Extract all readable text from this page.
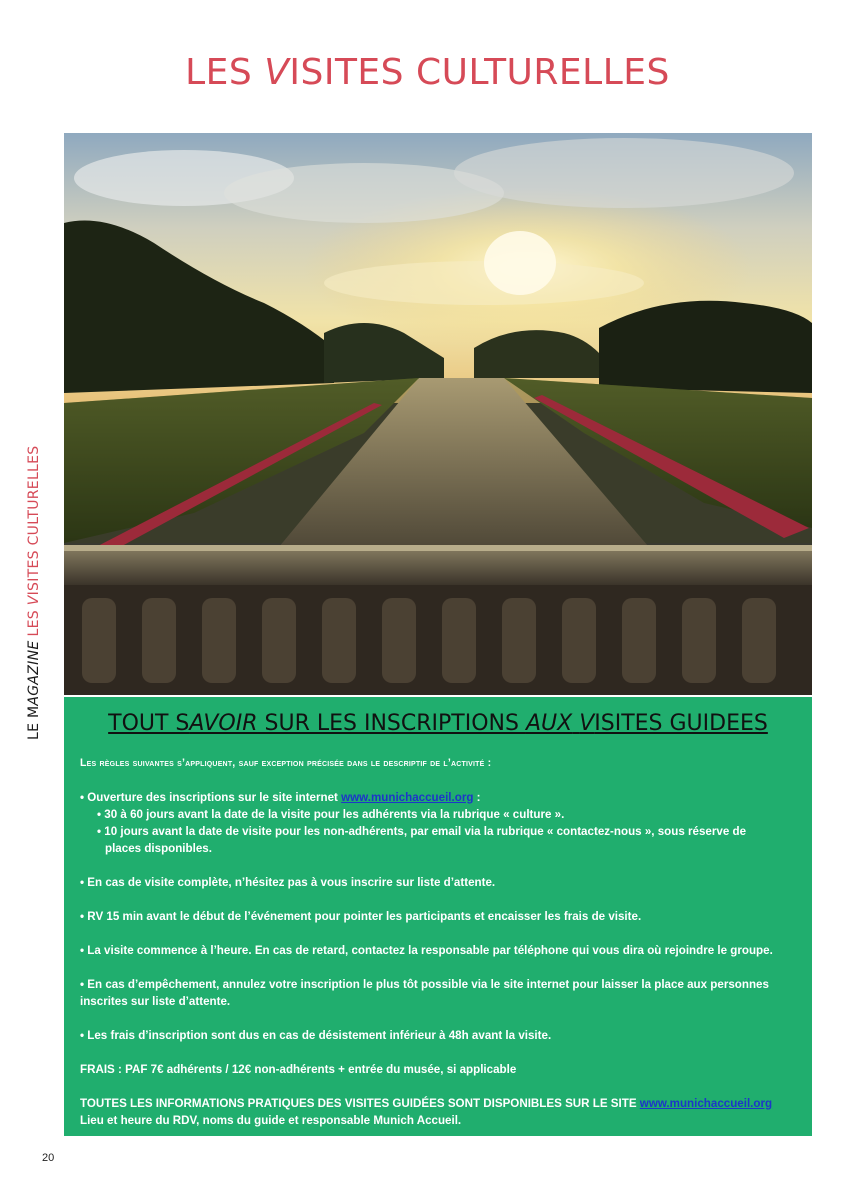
LES VISITES CULTURELLES
LE MAGAZINELES VISITES CULTURELLES
TOUT SAVOIR SUR LES INSCRIPTIONS AUX VISITES GUIDEES

Les règles suivantes s’appliquent, sauf exception précisée dans le descriptif de l’activité :

• Ouverture des inscriptions sur le site internet www.munichaccueil.org :

• 30 à 60 jours avant la date de la visite pour les adhérents via la rubrique « culture ».

• 10 jours avant la date de visite pour les non-adhérents, par email via la rubrique « contactez-nous », sous réserve de

places disponibles.

• En cas de visite complète, n’hésitez pas à vous inscrire sur liste d’attente.

• RV 15 min avant le début de l’événement pour pointer les participants et encaisser les frais de visite.

• La visite commence à l’heure. En cas de retard, contactez la responsable par téléphone qui vous dira où rejoindre le groupe.

• En cas d’empêchement, annulez votre inscription le plus tôt possible via le site internet pour laisser la place aux personnes inscrites sur liste d’attente.

• Les frais d’inscription sont dus en cas de désistement inférieur à 48h avant la visite.

FRAIS : PAF 7€ adhérents / 12€ non-adhérents + entrée du musée, si applicable

TOUTES LES INFORMATIONS PRATIQUES DES VISITES GUIDÉES SONT DISPONIBLES SUR LE SITE www.munichaccueil.org

Lieu et heure du RDV, noms du guide et responsable Munich Accueil.

20
